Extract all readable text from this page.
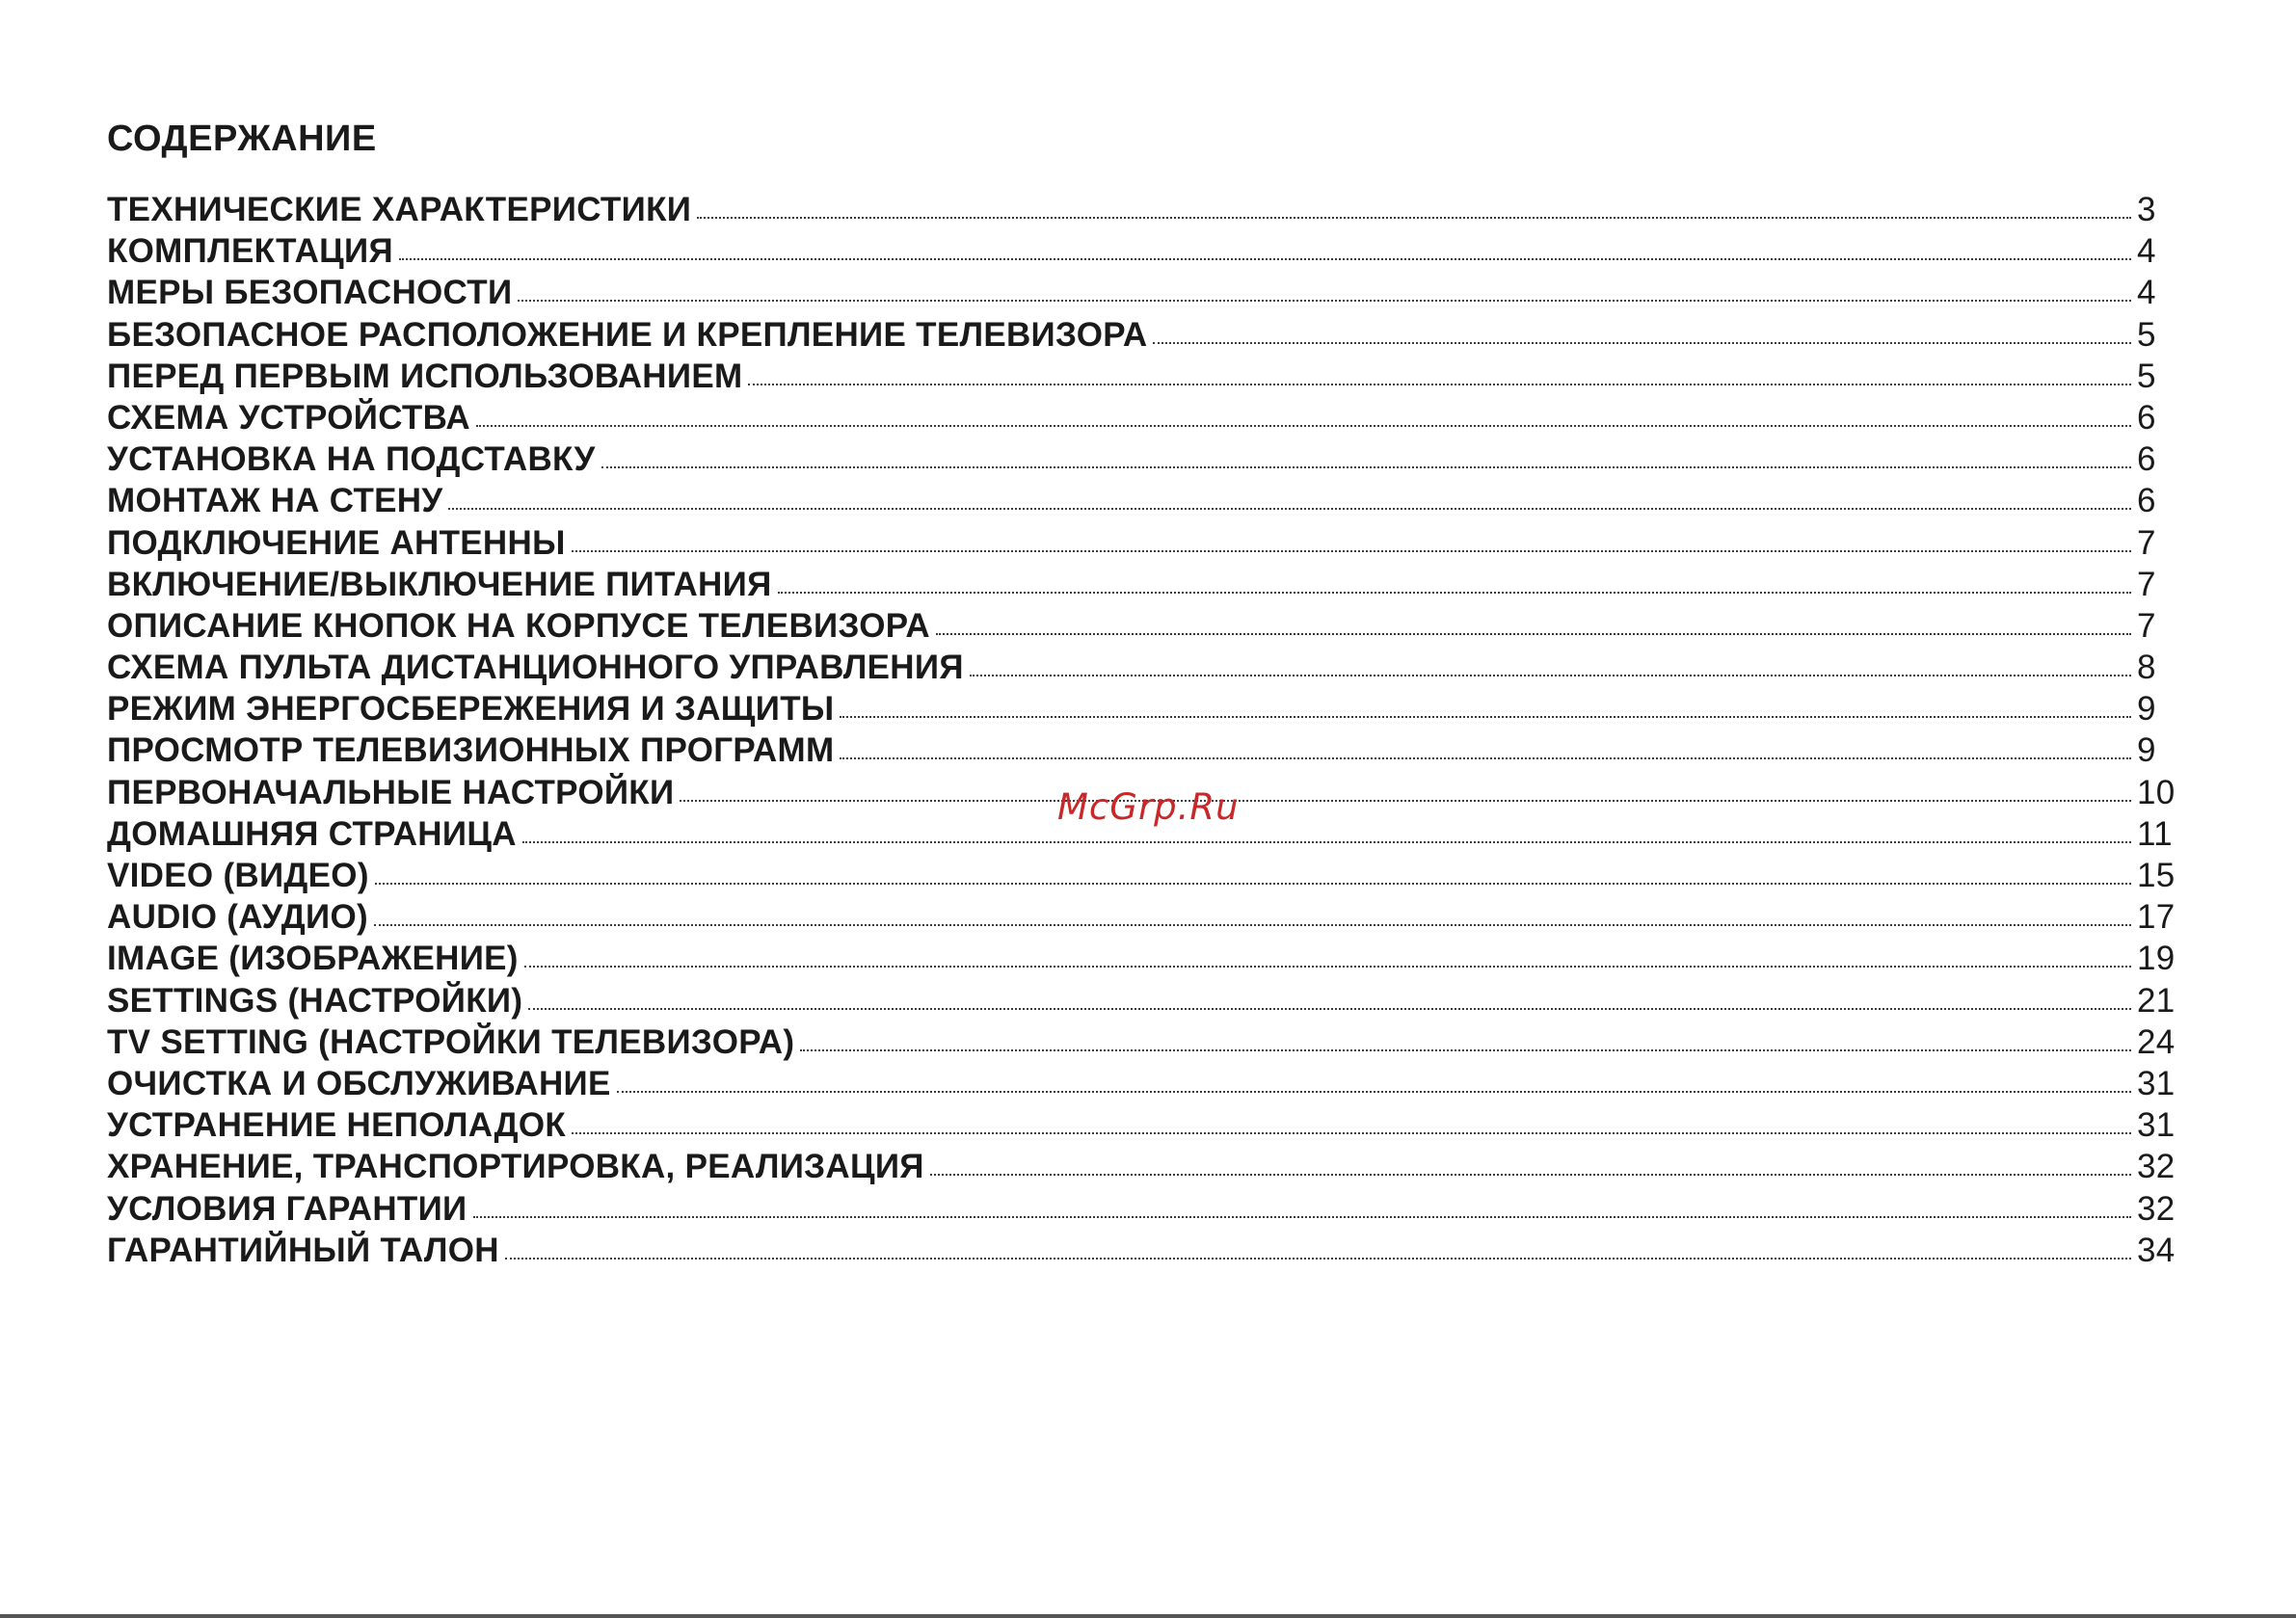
СОДЕРЖАНИЕ
ТЕХНИЧЕСКИЕ ХАРАКТЕРИСТИКИ	3
КОМПЛЕКТАЦИЯ	4
МЕРЫ БЕЗОПАСНОСТИ	4
БЕЗОПАСНОЕ РАСПОЛОЖЕНИЕ И КРЕПЛЕНИЕ ТЕЛЕВИЗОРА	5
ПЕРЕД ПЕРВЫМ ИСПОЛЬЗОВАНИЕМ	5
СХЕМА УСТРОЙСТВА	6
УСТАНОВКА НА ПОДСТАВКУ	6
МОНТАЖ НА СТЕНУ	6
ПОДКЛЮЧЕНИЕ АНТЕННЫ	7
ВКЛЮЧЕНИЕ/ВЫКЛЮЧЕНИЕ ПИТАНИЯ	7
ОПИСАНИЕ КНОПОК НА КОРПУСЕ ТЕЛЕВИЗОРА	7
СХЕМА ПУЛЬТА ДИСТАНЦИОННОГО УПРАВЛЕНИЯ	8
РЕЖИМ ЭНЕРГОСБЕРЕЖЕНИЯ И ЗАЩИТЫ	9
ПРОСМОТР ТЕЛЕВИЗИОННЫХ ПРОГРАММ	9
ПЕРВОНАЧАЛЬНЫЕ НАСТРОЙКИ	10
ДОМАШНЯЯ СТРАНИЦА	11
VIDEO (ВИДЕО)	15
AUDIO (АУДИО)	17
IMAGE (ИЗОБРАЖЕНИЕ)	19
SETTINGS (НАСТРОЙКИ)	21
TV SETTING (НАСТРОЙКИ ТЕЛЕВИЗОРА)	24
ОЧИСТКА И ОБСЛУЖИВАНИЕ	31
УСТРАНЕНИЕ НЕПОЛАДОК	31
ХРАНЕНИЕ, ТРАНСПОРТИРОВКА, РЕАЛИЗАЦИЯ	32
УСЛОВИЯ ГАРАНТИИ	32
ГАРАНТИЙНЫЙ ТАЛОН	34
McGrp.Ru
